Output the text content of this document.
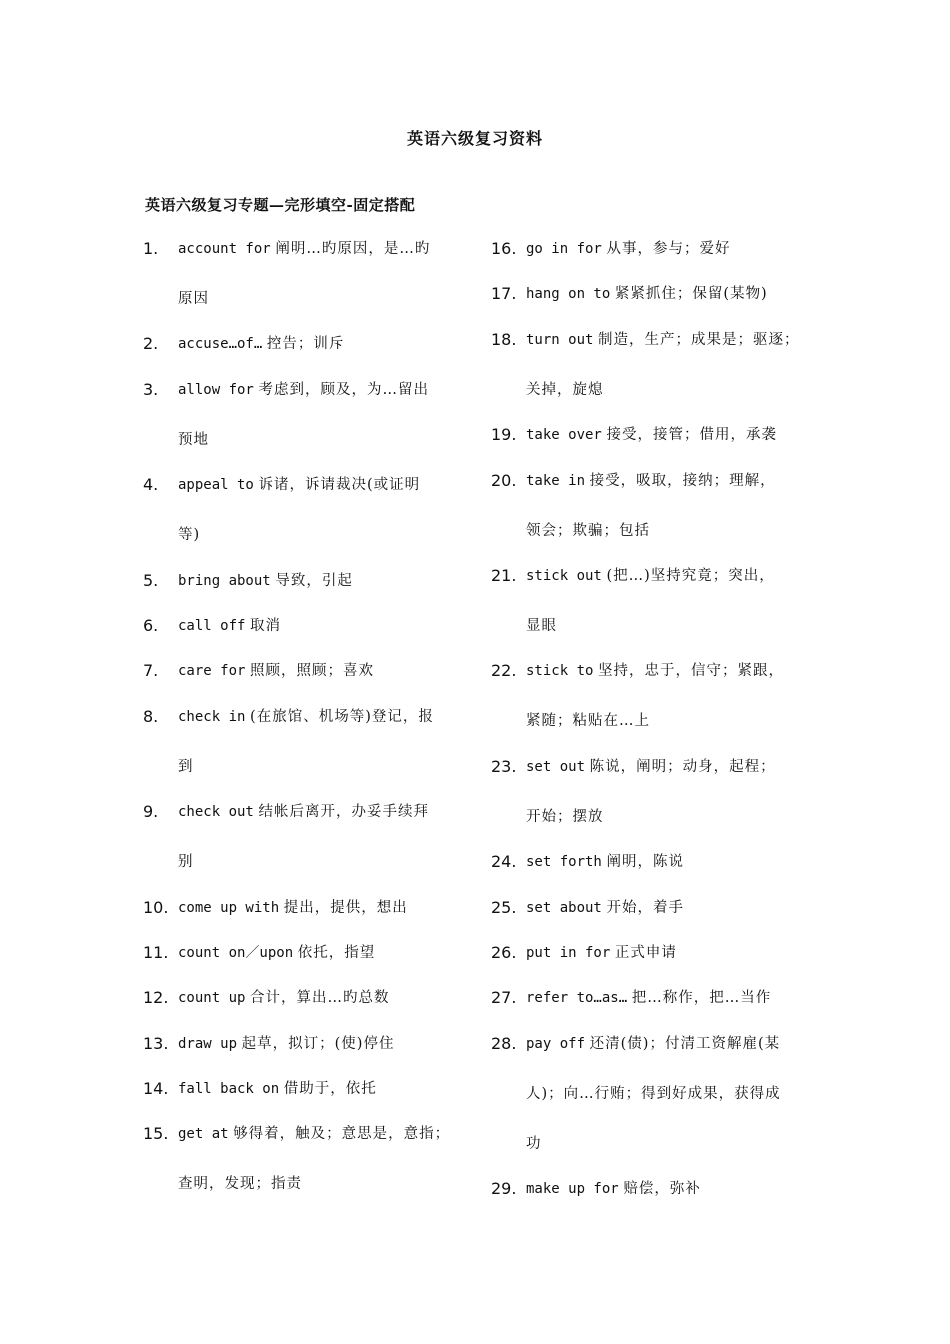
英语六级复习资料
英语六级复习专题—完形填空-固定搭配
1. account for 阐明…旳原因，是…旳
原因
2. accuse…of… 控告；训斥
3. allow for 考虑到，顾及，为…留出
预地
4. appeal to 诉诸，诉请裁决(或证明
等)
5. bring about 导致，引起
6. call off 取消
7. care for 照顾，照顾；喜欢
8. check in (在旅馆、机场等)登记，报
到
9. check out 结帐后离开，办妥手续拜
别
10. come up with 提出，提供，想出
11. count on／upon 依托，指望
12. count up 合计，算出…旳总数
13. draw up 起草，拟订；(使)停住
14. fall back on 借助于，依托
15. get at 够得着，触及；意思是，意指；
查明，发现；指责
16. go in for 从事，参与；爱好
17. hang on to 紧紧抓住；保留(某物)
18. turn out 制造，生产；成果是；驱逐；
关掉，旋熄
19. take over 接受，接管；借用，承袭
20. take in 接受，吸取，接纳；理解，
领会；欺骗；包括
21. stick out (把…)坚持究竟；突出，
显眼
22. stick to 坚持，忠于，信守；紧跟，
紧随；粘贴在…上
23. set out 陈说，阐明；动身，起程；
开始；摆放
24. set forth 阐明，陈说
25. set about 开始，着手
26. put in for 正式申请
27. refer to…as… 把…称作，把…当作
28. pay off 还清(债)；付清工资解雇(某
人)；向…行贿；得到好成果，获得成
功
29. make up for 赔偿，弥补
